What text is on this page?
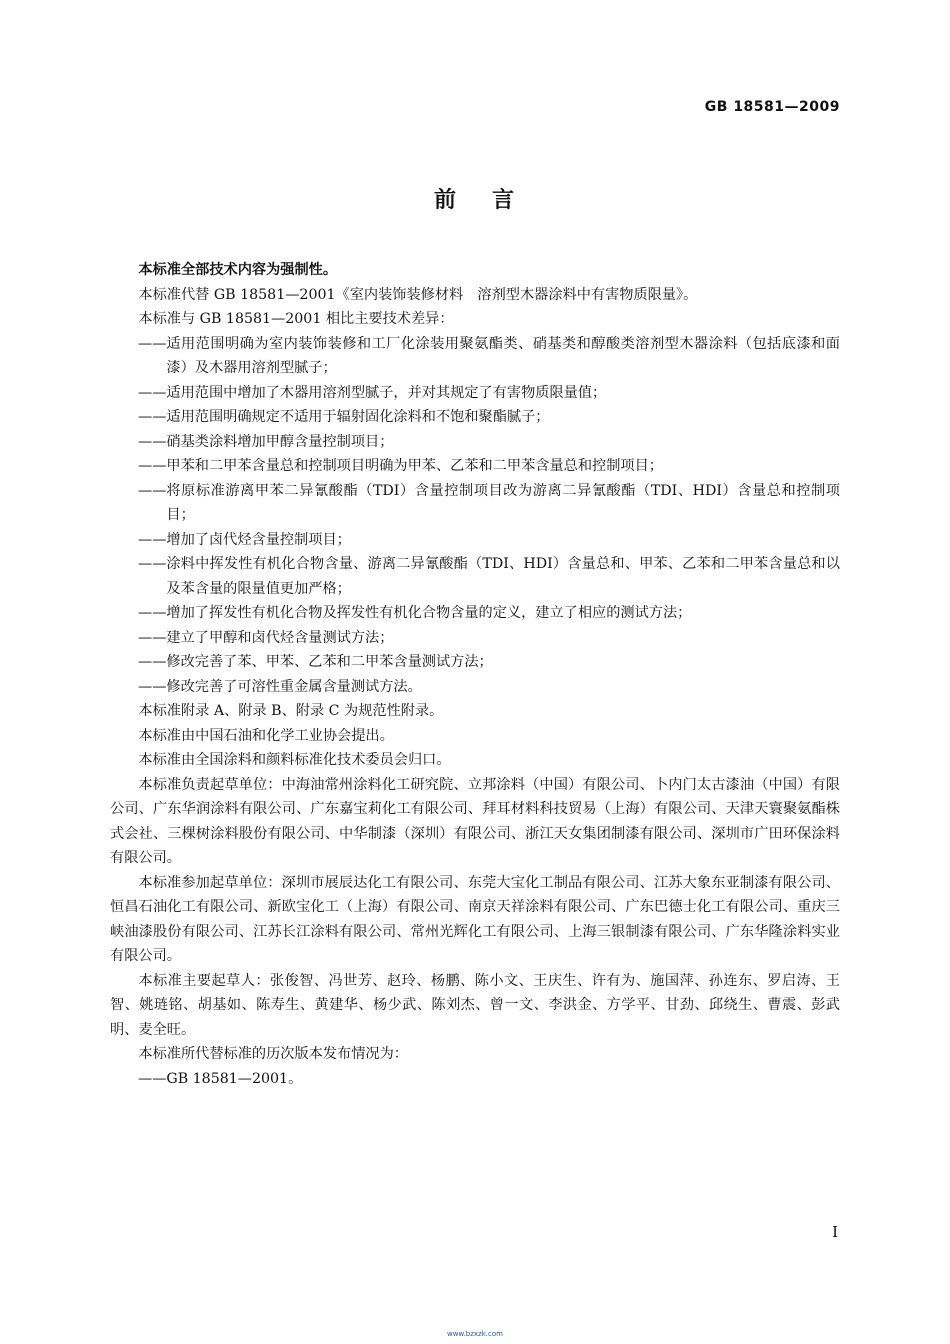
GB 18581—2009
前 言

本标准全部技术内容为强制性。

本标准代替 GB 18581—2001《室内装饰装修材料　溶剂型木器涂料中有害物质限量》。

本标准与 GB 18581—2001 相比主要技术差异：

—— 适用范围明确为室内装饰装修和工厂化涂装用聚氨酯类、硝基类和醇酸类溶剂型木器涂料（包括底漆和面漆）及木器用溶剂型腻子；
—— 适用范围中增加了木器用溶剂型腻子，并对其规定了有害物质限量值；
—— 适用范围明确规定不适用于辐射固化涂料和不饱和聚酯腻子；
—— 硝基类涂料增加甲醇含量控制项目；
—— 甲苯和二甲苯含量总和控制项目明确为甲苯、乙苯和二甲苯含量总和控制项目；
—— 将原标准游离甲苯二异氰酸酯（TDI）含量控制项目改为游离二异氰酸酯（TDI、HDI）含量总和控制项目；
—— 增加了卤代烃含量控制项目；
—— 涂料中挥发性有机化合物含量、游离二异氰酸酯（TDI、HDI）含量总和、甲苯、乙苯和二甲苯含量总和以及苯含量的限量值更加严格；
—— 增加了挥发性有机化合物及挥发性有机化合物含量的定义，建立了相应的测试方法；
—— 建立了甲醇和卤代烃含量测试方法；
—— 修改完善了苯、甲苯、乙苯和二甲苯含量测试方法；
—— 修改完善了可溶性重金属含量测试方法。

本标准附录 A、附录 B、附录 C 为规范性附录。

本标准由中国石油和化学工业协会提出。

本标准由全国涂料和颜料标准化技术委员会归口。

本标准负责起草单位：中海油常州涂料化工研究院、立邦涂料（中国）有限公司、卜内门太古漆油（中国）有限公司、广东华润涂料有限公司、广东嘉宝莉化工有限公司、拜耳材料科技贸易（上海）有限公司、天津天寰聚氨酯株式会社、三棵树涂料股份有限公司、中华制漆（深圳）有限公司、浙江天女集团制漆有限公司、深圳市广田环保涂料有限公司。

本标准参加起草单位：深圳市展辰达化工有限公司、东莞大宝化工制品有限公司、江苏大象东亚制漆有限公司、恒昌石油化工有限公司、新欧宝化工（上海）有限公司、南京天祥涂料有限公司、广东巴德士化工有限公司、重庆三峡油漆股份有限公司、江苏长江涂料有限公司、常州光辉化工有限公司、上海三银制漆有限公司、广东华隆涂料实业有限公司。

本标准主要起草人：张俊智、冯世芳、赵玲、杨鹏、陈小文、王庆生、许有为、施国萍、孙连东、罗启涛、王智、姚琏铭、胡基如、陈寿生、黄建华、杨少武、陈刘杰、曾一文、李洪金、方学平、甘劲、邱绕生、曹震、彭武明、麦全旺。

本标准所代替标准的历次版本发布情况为：

—— GB 18581—2001。
I
www.bzxzk.com
